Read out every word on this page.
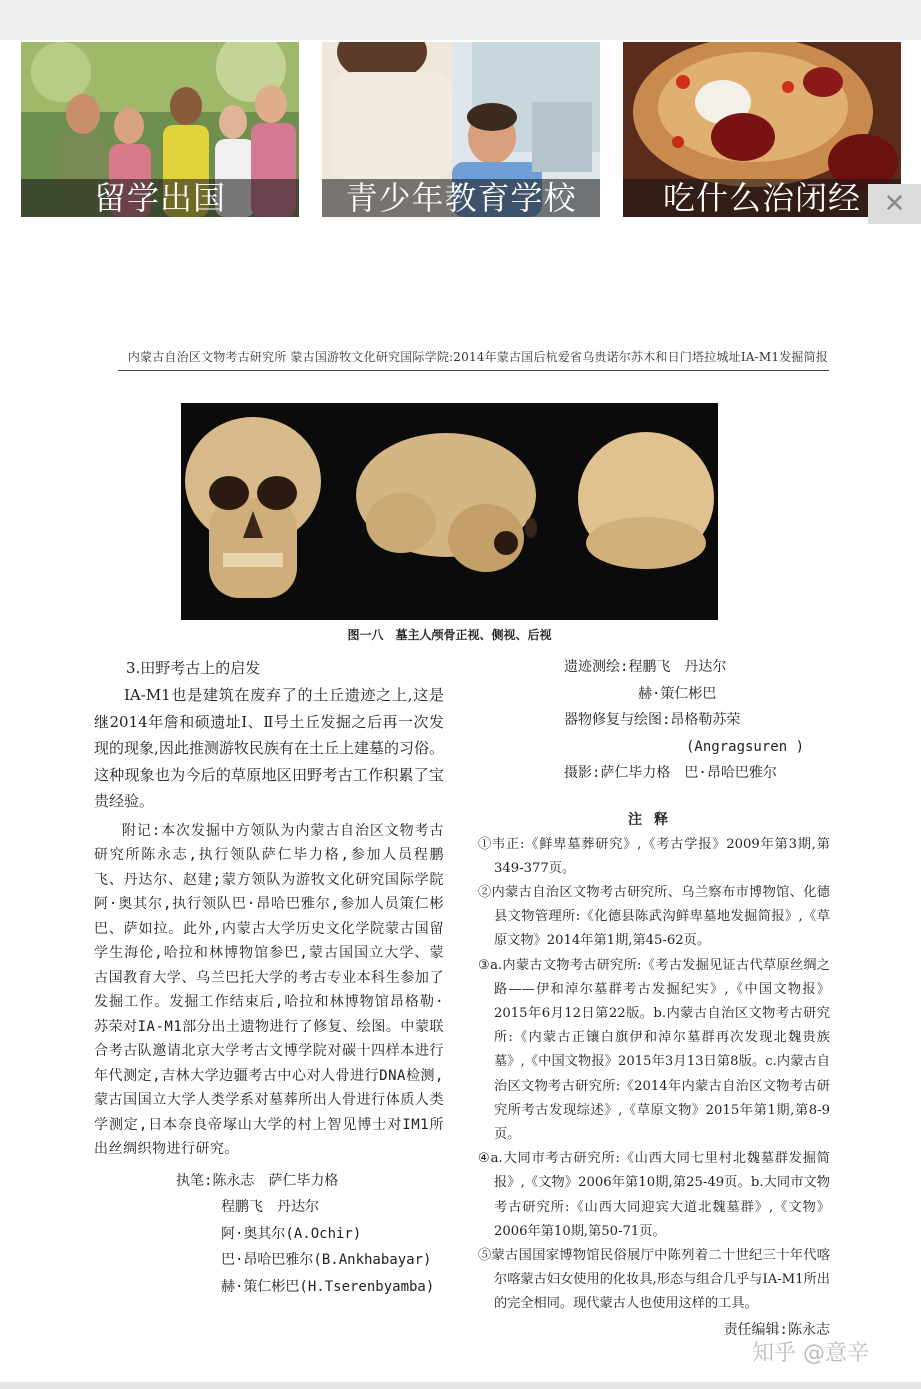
留学出国	青少年教育学校	吃什么治闭经 ✕
内蒙古自治区文物考古研究所 蒙古国游牧文化研究国际学院:2014年蒙古国后杭爱省乌贵诺尔苏木和日门塔拉城址IA-M1发掘简报
图一八　墓主人颅骨正视、侧视、后视
3.田野考古上的启发

IA-M1也是建筑在废弃了的土丘遗迹之上,这是继2014年詹和硕遗址Ⅰ、Ⅱ号土丘发掘之后再一次发现的现象,因此推测游牧民族有在土丘上建墓的习俗。这种现象也为今后的草原地区田野考古工作积累了宝贵经验。

附记:本次发掘中方领队为内蒙古自治区文物考古研究所陈永志,执行领队萨仁毕力格,参加人员程鹏飞、丹达尔、赵建;蒙方领队为游牧文化研究国际学院阿·奥其尔,执行领队巴·昂哈巴雅尔,参加人员策仁彬巴、萨如拉。此外,内蒙古大学历史文化学院蒙古国留学生海伦,哈拉和林博物馆参巴,蒙古国国立大学、蒙古国教育大学、乌兰巴托大学的考古专业本科生参加了发掘工作。发掘工作结束后,哈拉和林博物馆昂格勒·苏荣对IA-M1部分出土遗物进行了修复、绘图。中蒙联合考古队邀请北京大学考古文博学院对碳十四样本进行年代测定,吉林大学边疆考古中心对人骨进行DNA检测,蒙古国国立大学人类学系对墓葬所出人骨进行体质人类学测定,日本奈良帝塚山大学的村上智见博士对IM1所出丝绸织物进行研究。

执笔:陈永志　萨仁毕力格
程鹏飞　丹达尔
阿·奥其尔(A.Ochir)
巴·昂哈巴雅尔(B.Ankhabayar)
赫·策仁彬巴(H.Tserenbyamba)
遗迹测绘:程鹏飞　丹达尔
赫·策仁彬巴
器物修复与绘图:昂格勒苏荣
(Angragsuren )
摄影:萨仁毕力格　巴·昂哈巴雅尔
注释

①韦正:《鲜卑墓葬研究》,《考古学报》2009年第3期,第349-377页。

②内蒙古自治区文物考古研究所、乌兰察布市博物馆、化德县文物管理所:《化德县陈武沟鲜卑墓地发掘简报》,《草原文物》2014年第1期,第45-62页。

③a.内蒙古文物考古研究所:《考古发掘见证古代草原丝绸之路——伊和淖尔墓群考古发掘纪实》,《中国文物报》2015年6月12日第22版。b.内蒙古自治区文物考古研究所:《内蒙古正镶白旗伊和淖尔墓群再次发现北魏贵族墓》,《中国文物报》2015年3月13日第8版。c.内蒙古自治区文物考古研究所:《2014年内蒙古自治区文物考古研究所考古发现综述》,《草原文物》2015年第1期,第8-9页。

④a.大同市考古研究所:《山西大同七里村北魏墓群发掘简报》,《文物》2006年第10期,第25-49页。b.大同市文物考古研究所:《山西大同迎宾大道北魏墓群》,《文物》2006年第10期,第50-71页。

⑤蒙古国国家博物馆民俗展厅中陈列着二十世纪三十年代喀尔喀蒙古妇女使用的化妆具,形态与组合几乎与IA-M1所出的完全相同。现代蒙古人也使用这样的工具。

责任编辑:陈永志
知乎 @意辛
